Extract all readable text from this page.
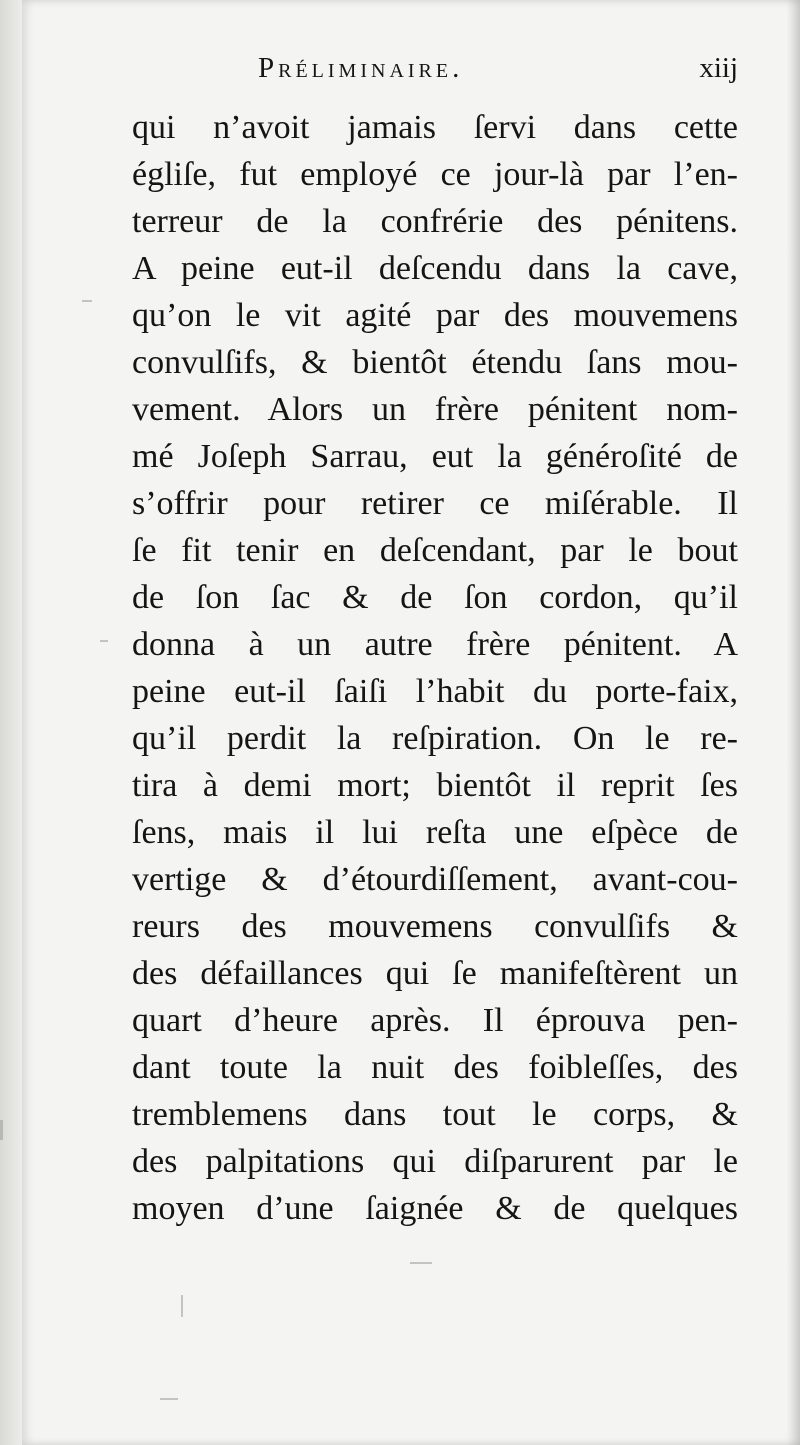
Préliminaire.	xiij
qui n’avoit jamais ſervi dans cette
égliſe, fut employé ce jour-là par l’en-
terreur de la confrérie des pénitens.
A peine eut-il deſcendu dans la cave,
qu’on le vit agité par des mouvemens
convulſifs, & bientôt étendu ſans mou-
vement. Alors un frère pénitent nom-
mé Joſeph Sarrau, eut la généroſité de
s’offrir pour retirer ce miſérable. Il
ſe fit tenir en deſcendant, par le bout
de ſon ſac & de ſon cordon, qu’il
donna à un autre frère pénitent. A
peine eut-il ſaiſi l’habit du porte-faix,
qu’il perdit la reſpiration. On le re-
tira à demi mort; bientôt il reprit ſes
ſens, mais il lui reſta une eſpèce de
vertige & d’étourdiſſement, avant-cou-
reurs des mouvemens convulſifs &
des défaillances qui ſe manifeſtèrent un
quart d’heure après. Il éprouva pen-
dant toute la nuit des foibleſſes, des
tremblemens dans tout le corps, &
des palpitations qui diſparurent par le
moyen d’une ſaignée & de quelques
